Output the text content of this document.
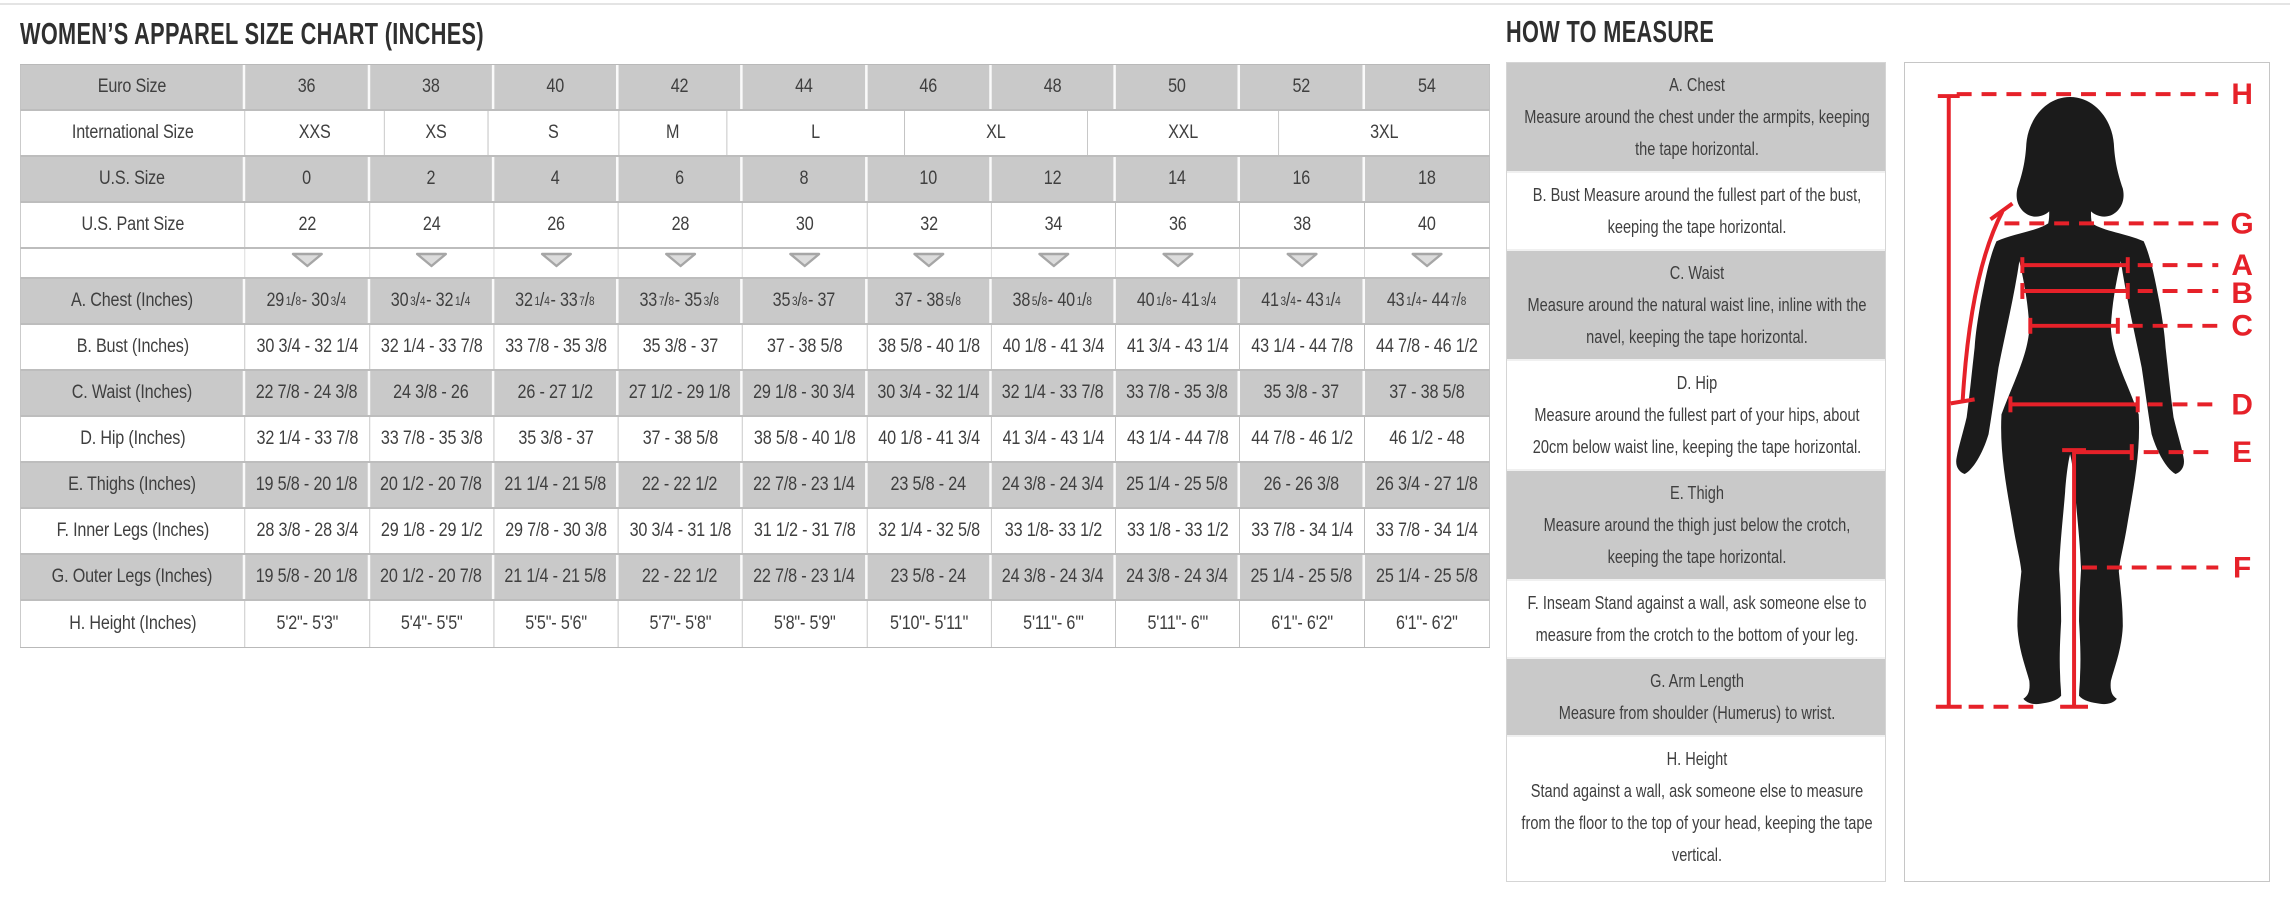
WOMEN’S APPAREL SIZE CHART (INCHES)
Euro Size	36	38	40	42	44	46	48	50	52	54
International Size	XXS	XS	S	M	L	XL	XXL	3XL
U.S. Size	0	2	4	6	8	10	12	14	16	18
U.S. Pant Size	22	24	26	28	30	32	34	36	38	40
A. Chest (Inches)	29 1 / 8 - 30 3 / 4	30 3 / 4 - 32 1 / 4	32 1 / 4 - 33 7 / 8	33 7 / 8 - 35 3 / 8	35 3 / 8 - 37	37 - 38 5 / 8	38 5 / 8 - 40 1 / 8	40 1 / 8 - 41 3 / 4	41 3 / 4 - 43 1 / 4	43 1 / 4 - 44 7 / 8
B. Bust (Inches)	30 3/4 - 32 1/4	32 1/4 - 33 7/8	33 7/8 - 35 3/8	35 3/8 - 37	37 - 38 5/8	38 5/8 - 40 1/8	40 1/8 - 41 3/4	41 3/4 - 43 1/4	43 1/4 - 44 7/8	44 7/8 - 46 1/2
C. Waist (Inches)	22 7/8 - 24 3/8	24 3/8 - 26	26 - 27 1/2	27 1/2 - 29 1/8	29 1/8 - 30 3/4	30 3/4 - 32 1/4	32 1/4 - 33 7/8	33 7/8 - 35 3/8	35 3/8 - 37	37 - 38 5/8
D. Hip (Inches)	32 1/4 - 33 7/8	33 7/8 - 35 3/8	35 3/8 - 37	37 - 38 5/8	38 5/8 - 40 1/8	40 1/8 - 41 3/4	41 3/4 - 43 1/4	43 1/4 - 44 7/8	44 7/8 - 46 1/2	46 1/2 - 48
E. Thighs (Inches)	19 5/8 - 20 1/8	20 1/2 - 20 7/8	21 1/4 - 21 5/8	22 - 22 1/2	22 7/8 - 23 1/4	23 5/8 - 24	24 3/8 - 24 3/4	25 1/4 - 25 5/8	26 - 26 3/8	26 3/4 - 27 1/8
F. Inner Legs (Inches)	28 3/8 - 28 3/4	29 1/8 - 29 1/2	29 7/8 - 30 3/8	30 3/4 - 31 1/8	31 1/2 - 31 7/8	32 1/4 - 32 5/8	33 1/8- 33 1/2	33 1/8 - 33 1/2	33 7/8 - 34 1/4	33 7/8 - 34 1/4
G. Outer Legs (Inches)	19 5/8 - 20 1/8	20 1/2 - 20 7/8	21 1/4 - 21 5/8	22 - 22 1/2	22 7/8 - 23 1/4	23 5/8 - 24	24 3/8 - 24 3/4	24 3/8 - 24 3/4	25 1/4 - 25 5/8	25 1/4 - 25 5/8
H. Height (Inches)	5'2"- 5'3"	5'4"- 5'5"	5'5"- 5'6"	5'7"- 5'8"	5'8"- 5'9"	5'10"- 5'11"	5'11"- 6'"	5'11"- 6'"	6'1"- 6'2"	6'1"- 6'2"
HOW TO MEASURE
A. Chest
Measure around the chest under the armpits, keeping the tape horizontal.
B. Bust Measure around the fullest part of the bust, keeping the tape horizontal.
C. Waist
Measure around the natural waist line, inline with the navel, keeping the tape horizontal.
D. Hip
Measure around the fullest part of your hips, about 20cm below waist line, keeping the tape horizontal.
E. Thigh
Measure around the thigh just below the crotch, keeping the tape horizontal.
F. Inseam Stand against a wall, ask someone else to measure from the crotch to the bottom of your leg.
G. Arm Length
Measure from shoulder (Humerus) to wrist.
H. Height
Stand against a wall, ask someone else to measure from the floor to the top of your head, keeping the tape vertical.
H
G
A
B
C
D
E
F
